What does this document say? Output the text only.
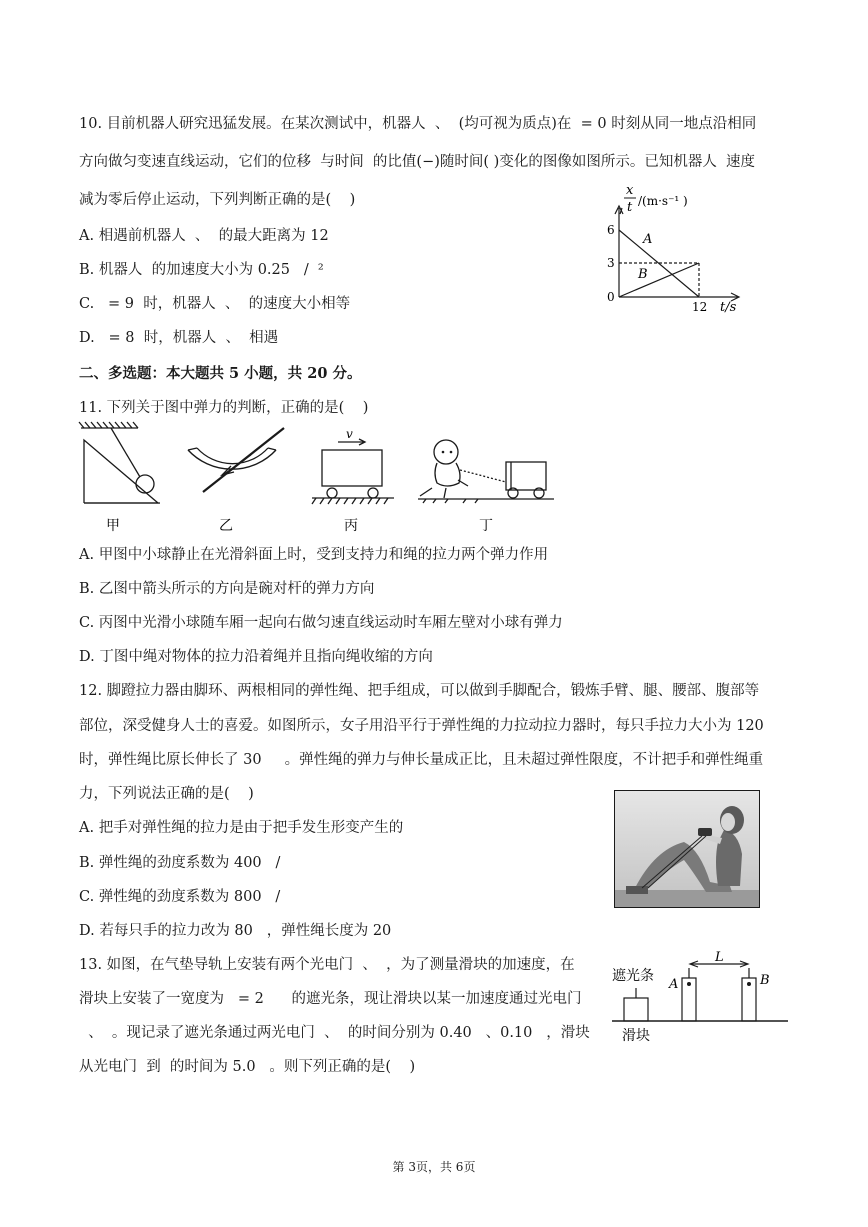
10. 目前机器人研究迅猛发展。在某次测试中，机器人  、  (均可视为质点)在  = 0 时刻从同一地点沿相同
方向做匀变速直线运动，它们的位移  与时间  的比值(−)随时间( )变化的图像如图所示。已知机器人  速度
减为零后停止运动，下列判断正确的是(    )
A. 相遇前机器人  、  的最大距离为 12
B. 机器人  的加速度大小为 0.25   /  ²
C.   = 9  时，机器人  、  的速度大小相等
D.   = 8  时，机器人  、  相遇
x
t /(m·s⁻¹ )
6
3
0
12 t/s
A
B
二、多选题：本大题共 5 小题，共 20 分。
11. 下列关于图中弹力的判断，正确的是(    )
v
甲	乙	丙	丁
A. 甲图中小球静止在光滑斜面上时，受到支持力和绳的拉力两个弹力作用
B. 乙图中箭头所示的方向是碗对杆的弹力方向
C. 丙图中光滑小球随车厢一起向右做匀速直线运动时车厢左壁对小球有弹力
D. 丁图中绳对物体的拉力沿着绳并且指向绳收缩的方向
12. 脚蹬拉力器由脚环、两根相同的弹性绳、把手组成，可以做到手脚配合，锻炼手臂、腿、腰部、腹部等
部位，深受健身人士的喜爱。如图所示，女子用沿平行于弹性绳的力拉动拉力器时，每只手拉力大小为 120
时，弹性绳比原长伸长了 30     。弹性绳的弹力与伸长量成正比，且未超过弹性限度，不计把手和弹性绳重
力，下列说法正确的是(    )
A. 把手对弹性绳的拉力是由于把手发生形变产生的
B. 弹性绳的劲度系数为 400   /
C. 弹性绳的劲度系数为 800   /
D. 若每只手的拉力改为 80   ，弹性绳长度为 20
13. 如图，在气垫导轨上安装有两个光电门  、  ，为了测量滑块的加速度，在
滑块上安装了一宽度为   = 2      的遮光条，现让滑块以某一加速度通过光电门
、  。现记录了遮光条通过两光电门  、  的时间分别为 0.40   、0.10   ，滑块
从光电门  到  的时间为 5.0   。则下列正确的是(    )
遮光条
滑块
A	B
L
第 3页，共 6页
